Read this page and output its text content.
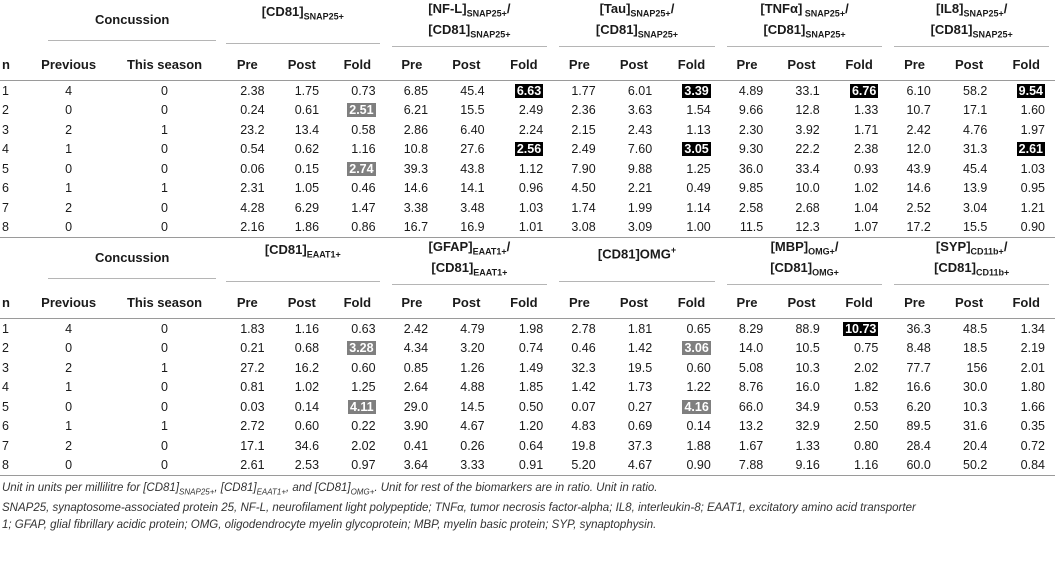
	Concussion		$[CD81]_{SNAP25+}$			$[NF-L]_{SNAP25+}/$
$[CD81]_{SNAP25+}$			$[Tau]_{SNAP25+}/$
$[CD81]_{SNAP25+}$			[TNFα] $_{SNAP25+}$/
$[CD81]_{SNAP25+}$			$[IL8]_{SNAP25+}/$
$[CD81]_{SNAP25+}$

n	Previous	This season	Pre	Post	Fold	Pre	Post	Fold	Pre	Post	Fold	Pre	Post	Fold	Pre	Post	Fold
1	4	0	2.38	1.75	0.73	6.85	45.4	6.63	1.77	6.01	3.39	4.89	33.1	6.76	6.10	58.2	9.54
2	0	0	0.24	0.61	2.51	6.21	15.5	2.49	2.36	3.63	1.54	9.66	12.8	1.33	10.7	17.1	1.60
3	2	1	23.2	13.4	0.58	2.86	6.40	2.24	2.15	2.43	1.13	2.30	3.92	1.71	2.42	4.76	1.97
4	1	0	0.54	0.62	1.16	10.8	27.6	2.56	2.49	7.60	3.05	9.30	22.2	2.38	12.0	31.3	2.61
5	0	0	0.06	0.15	2.74	39.3	43.8	1.12	7.90	9.88	1.25	36.0	33.4	0.93	43.9	45.4	1.03
6	1	1	2.31	1.05	0.46	14.6	14.1	0.96	4.50	2.21	0.49	9.85	10.0	1.02	14.6	13.9	0.95
7	2	0	4.28	6.29	1.47	3.38	3.48	1.03	1.74	1.99	1.14	2.58	2.68	1.04	2.52	3.04	1.21
8	0	0	2.16	1.86	0.86	16.7	16.9	1.01	3.08	3.09	1.00	11.5	12.3	1.07	17.2	15.5	0.90

	Concussion		$[CD81]_{EAAT1+}$			$[GFAP]_{EAAT1+}/$
$[CD81]_{EAAT1+}$			[CD81]OMG+			$[MBP]_{OMG+}/$
$[CD81]_{OMG+}$			$[SYP]_{CD11b+}/$
$[CD81]_{CD11b+}$

n	Previous	This season	Pre	Post	Fold	Pre	Post	Fold	Pre	Post	Fold	Pre	Post	Fold	Pre	Post	Fold
1	4	0	1.83	1.16	0.63	2.42	4.79	1.98	2.78	1.81	0.65	8.29	88.9	10.73	36.3	48.5	1.34
2	0	0	0.21	0.68	3.28	4.34	3.20	0.74	0.46	1.42	3.06	14.0	10.5	0.75	8.48	18.5	2.19
3	2	1	27.2	16.2	0.60	0.85	1.26	1.49	32.3	19.5	0.60	5.08	10.3	2.02	77.7	156	2.01
4	1	0	0.81	1.02	1.25	2.64	4.88	1.85	1.42	1.73	1.22	8.76	16.0	1.82	16.6	30.0	1.80
5	0	0	0.03	0.14	4.11	29.0	14.5	0.50	0.07	0.27	4.16	66.0	34.9	0.53	6.20	10.3	1.66
6	1	1	2.72	0.60	0.22	3.90	4.67	1.20	4.83	0.69	0.14	13.2	32.9	2.50	89.5	31.6	0.35
7	2	0	17.1	34.6	2.02	0.41	0.26	0.64	19.8	37.3	1.88	1.67	1.33	0.80	28.4	20.4	0.72
8	0	0	2.61	2.53	0.97	3.64	3.33	0.91	5.20	4.67	0.90	7.88	9.16	1.16	60.0	50.2	0.84
Unit in units per millilitre for $[CD81]_{SNAP25+}$, $[CD81]_{EAAT1+}$, and $[CD81]_{OMG+}$. Unit for rest of the biomarkers are in ratio. Unit in ratio.
SNAP25, synaptosome-associated protein 25, NF-L, neurofilament light polypeptide; TNFα, tumor necrosis factor-alpha; IL8, interleukin-8; EAAT1, excitatory amino acid transporter
1; GFAP, glial fibrillary acidic protein; OMG, oligodendrocyte myelin glycoprotein; MBP, myelin basic protein; SYP, synaptophysin.
